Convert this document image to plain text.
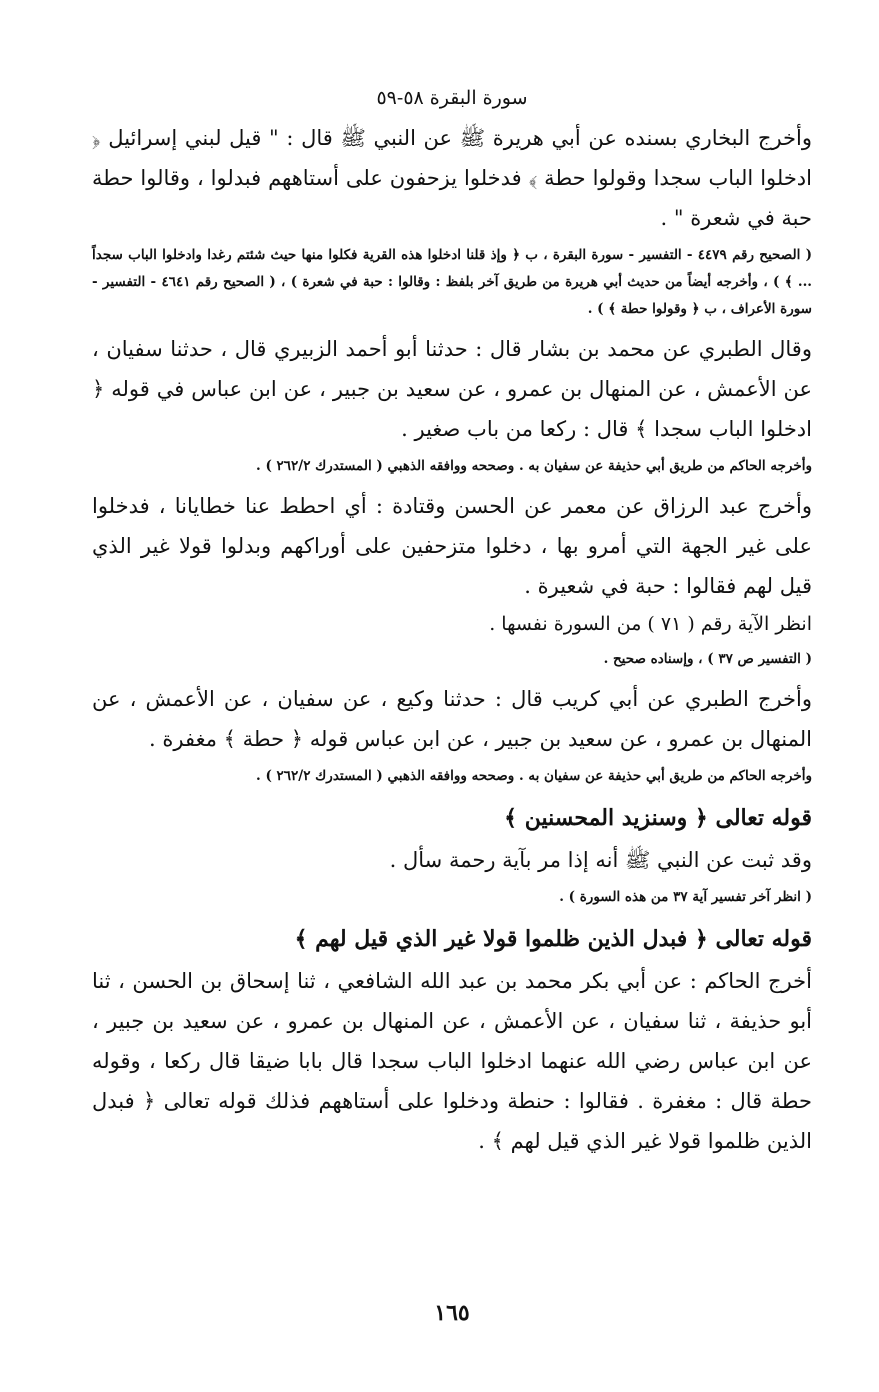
سورة البقرة ٥٨-٥٩

وأخرج البخاري بسنده عن أبي هريرة ﷺ عن النبي ﷺ قال : " قيل لبني إسرائيل ﴿ ادخلوا الباب سجدا وقولوا حطة ﴾ فدخلوا يزحفون على أستاههم فبدلوا ، وقالوا حطة حبة في شعرة " .

( الصحيح رقم ٤٤٧٩ - التفسير - سورة البقرة ، ب ﴿ وإذ قلنا ادخلوا هذه القرية فكلوا منها حيث شئتم رغدا وادخلوا الباب سجداً ... ﴾ ) ، وأخرجه أيضاً من حديث أبي هريرة من طريق آخر بلفظ : وقالوا : حبة في شعرة ) ، ( الصحيح رقم ٤٦٤١ - التفسير - سورة الأعراف ، ب ﴿ وقولوا حطة ﴾ ) .

وقال الطبري عن محمد بن بشار قال : حدثنا أبو أحمد الزبيري قال ، حدثنا سفيان ، عن الأعمش ، عن المنهال بن عمرو ، عن سعيد بن جبير ، عن ابن عباس في قوله ﴿ ادخلوا الباب سجدا ﴾ قال : ركعا من باب صغير .

وأخرجه الحاكم من طريق أبي حذيفة عن سفيان به . وصححه ووافقه الذهبي ( المستدرك ٢٦٢/٢ ) .

وأخرج عبد الرزاق عن معمر عن الحسن وقتادة : أي احطط عنا خطايانا ، فدخلوا على غير الجهة التي أمرو بها ، دخلوا متزحفين على أوراكهم وبدلوا قولا غير الذي قيل لهم فقالوا : حبة في شعيرة .

انظر الآية رقم ( ٧١ ) من السورة نفسها .

( التفسير ص ٣٧ ) ، وإسناده صحيح .

وأخرج الطبري عن أبي كريب قال : حدثنا وكيع ، عن سفيان ، عن الأعمش ، عن المنهال بن عمرو ، عن سعيد بن جبير ، عن ابن عباس قوله ﴿ حطة ﴾ مغفرة .

وأخرجه الحاكم من طريق أبي حذيفة عن سفيان به . وصححه ووافقه الذهبي ( المستدرك ٢٦٢/٢ ) .

قوله تعالى ﴿ وسنزيد المحسنين ﴾

وقد ثبت عن النبي ﷺ أنه إذا مر بآية رحمة سأل .

( انظر آخر تفسير آية ٣٧ من هذه السورة ) .

قوله تعالى ﴿ فبدل الذين ظلموا قولا غير الذي قيل لهم ﴾

أخرج الحاكم : عن أبي بكر محمد بن عبد الله الشافعي ، ثنا إسحاق بن الحسن ، ثنا أبو حذيفة ، ثنا سفيان ، عن الأعمش ، عن المنهال بن عمرو ، عن سعيد بن جبير ، عن ابن عباس رضي الله عنهما ادخلوا الباب سجدا قال بابا ضيقا قال ركعا ، وقوله حطة قال : مغفرة . فقالوا : حنطة ودخلوا على أستاههم فذلك قوله تعالى ﴿ فبدل الذين ظلموا قولا غير الذي قيل لهم ﴾ .

١٦٥
